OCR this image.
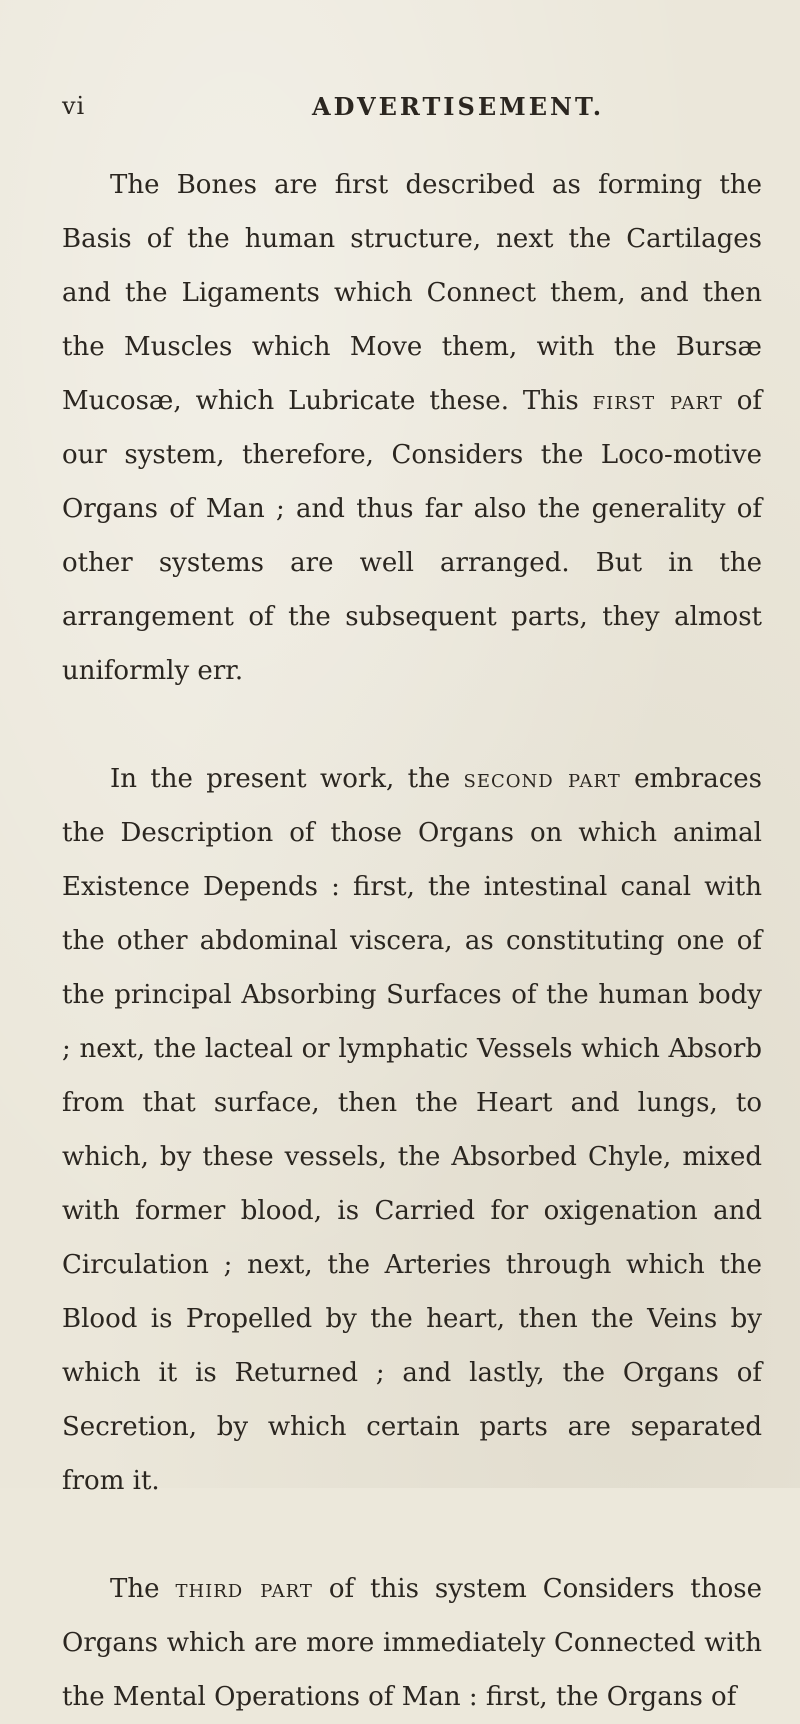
vi	ADVERTISEMENT.

The Bones are first described as forming the Basis of the human structure, next the Cartilages and the Ligaments which Connect them, and then the Muscles which Move them, with the Bursæ Mucosæ, which Lubricate these. This first part of our system, therefore, Considers the Loco-motive Organs of Man ; and thus far also the generality of other systems are well arranged. But in the arrangement of the subsequent parts, they almost uniformly err.

In the present work, the second part embraces the Description of those Organs on which animal Existence Depends : first, the intestinal canal with the other abdominal viscera, as constituting one of the principal Absorbing Surfaces of the human body ; next, the lacteal or lymphatic Vessels which Absorb from that surface, then the Heart and lungs, to which, by these vessels, the Absorbed Chyle, mixed with former blood, is Carried for oxigenation and Circulation ; next, the Arteries through which the Blood is Propelled by the heart, then the Veins by which it is Returned ; and lastly, the Organs of Secretion, by which certain parts are separated from it.

The third part of this system Considers those Organs which are more immediately Connected with the Mental Operations of Man : first, the Organs of
